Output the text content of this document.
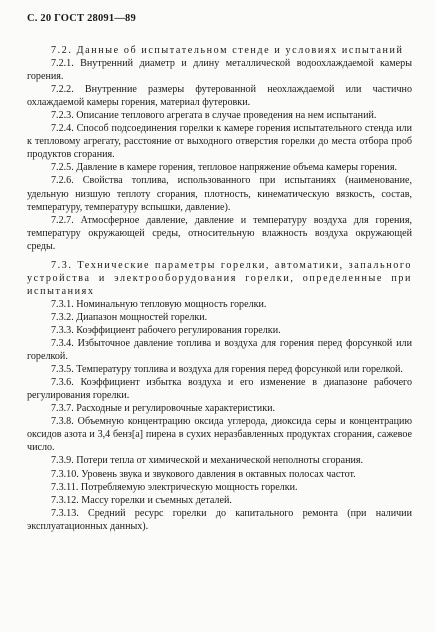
С. 20 ГОСТ 28091—89

7.2. Данные об испытательном стенде и условиях испытаний

7.2.1. Внутренний диаметр и длину металлической водоохлаждаемой камеры горения.

7.2.2. Внутренние размеры футерованной неохлаждаемой или частично охлаждаемой камеры горения, материал футеровки.

7.2.3. Описание теплового агрегата в случае проведения на нем испытаний.

7.2.4. Способ подсоединения горелки к камере горения испытательного стенда или к тепловому агрегату, расстояние от выходного отверстия горелки до места отбора проб продуктов сгорания.

7.2.5. Давление в камере горения, тепловое напряжение объема камеры горения.

7.2.6. Свойства топлива, использованного при испытаниях (наименование, удельную низшую теплоту сгорания, плотность, кинематическую вязкость, состав, температуру, температуру вспышки, давление).

7.2.7. Атмосферное давление, давление и температуру воздуха для горения, температуру окружающей среды, относительную влажность воздуха окружающей среды.

7.3. Технические параметры горелки, автоматики, запального устройства и электрооборудования горелки, определенные при испытаниях

7.3.1. Номинальную тепловую мощность горелки.

7.3.2. Диапазон мощностей горелки.

7.3.3. Коэффициент рабочего регулирования горелки.

7.3.4. Избыточное давление топлива и воздуха для горения перед форсункой или горелкой.

7.3.5. Температуру топлива и воздуха для горения перед форсункой или горелкой.

7.3.6. Коэффициент избытка воздуха и его изменение в диапазоне рабочего регулирования горелки.

7.3.7. Расходные и регулировочные характеристики.

7.3.8. Объемную концентрацию оксида углерода, диоксида серы и концентрацию оксидов азота и 3,4 бенз[а] пирена в сухих неразбавленных продуктах сгорания, сажевое число.

7.3.9. Потери тепла от химической и механической неполноты сгорания.

7.3.10. Уровень звука и звукового давления в октавных полосах частот.

7.3.11. Потребляемую электрическую мощность горелки.

7.3.12. Массу горелки и съемных деталей.

7.3.13. Средний ресурс горелки до капитального ремонта (при наличии эксплуатационных данных).
